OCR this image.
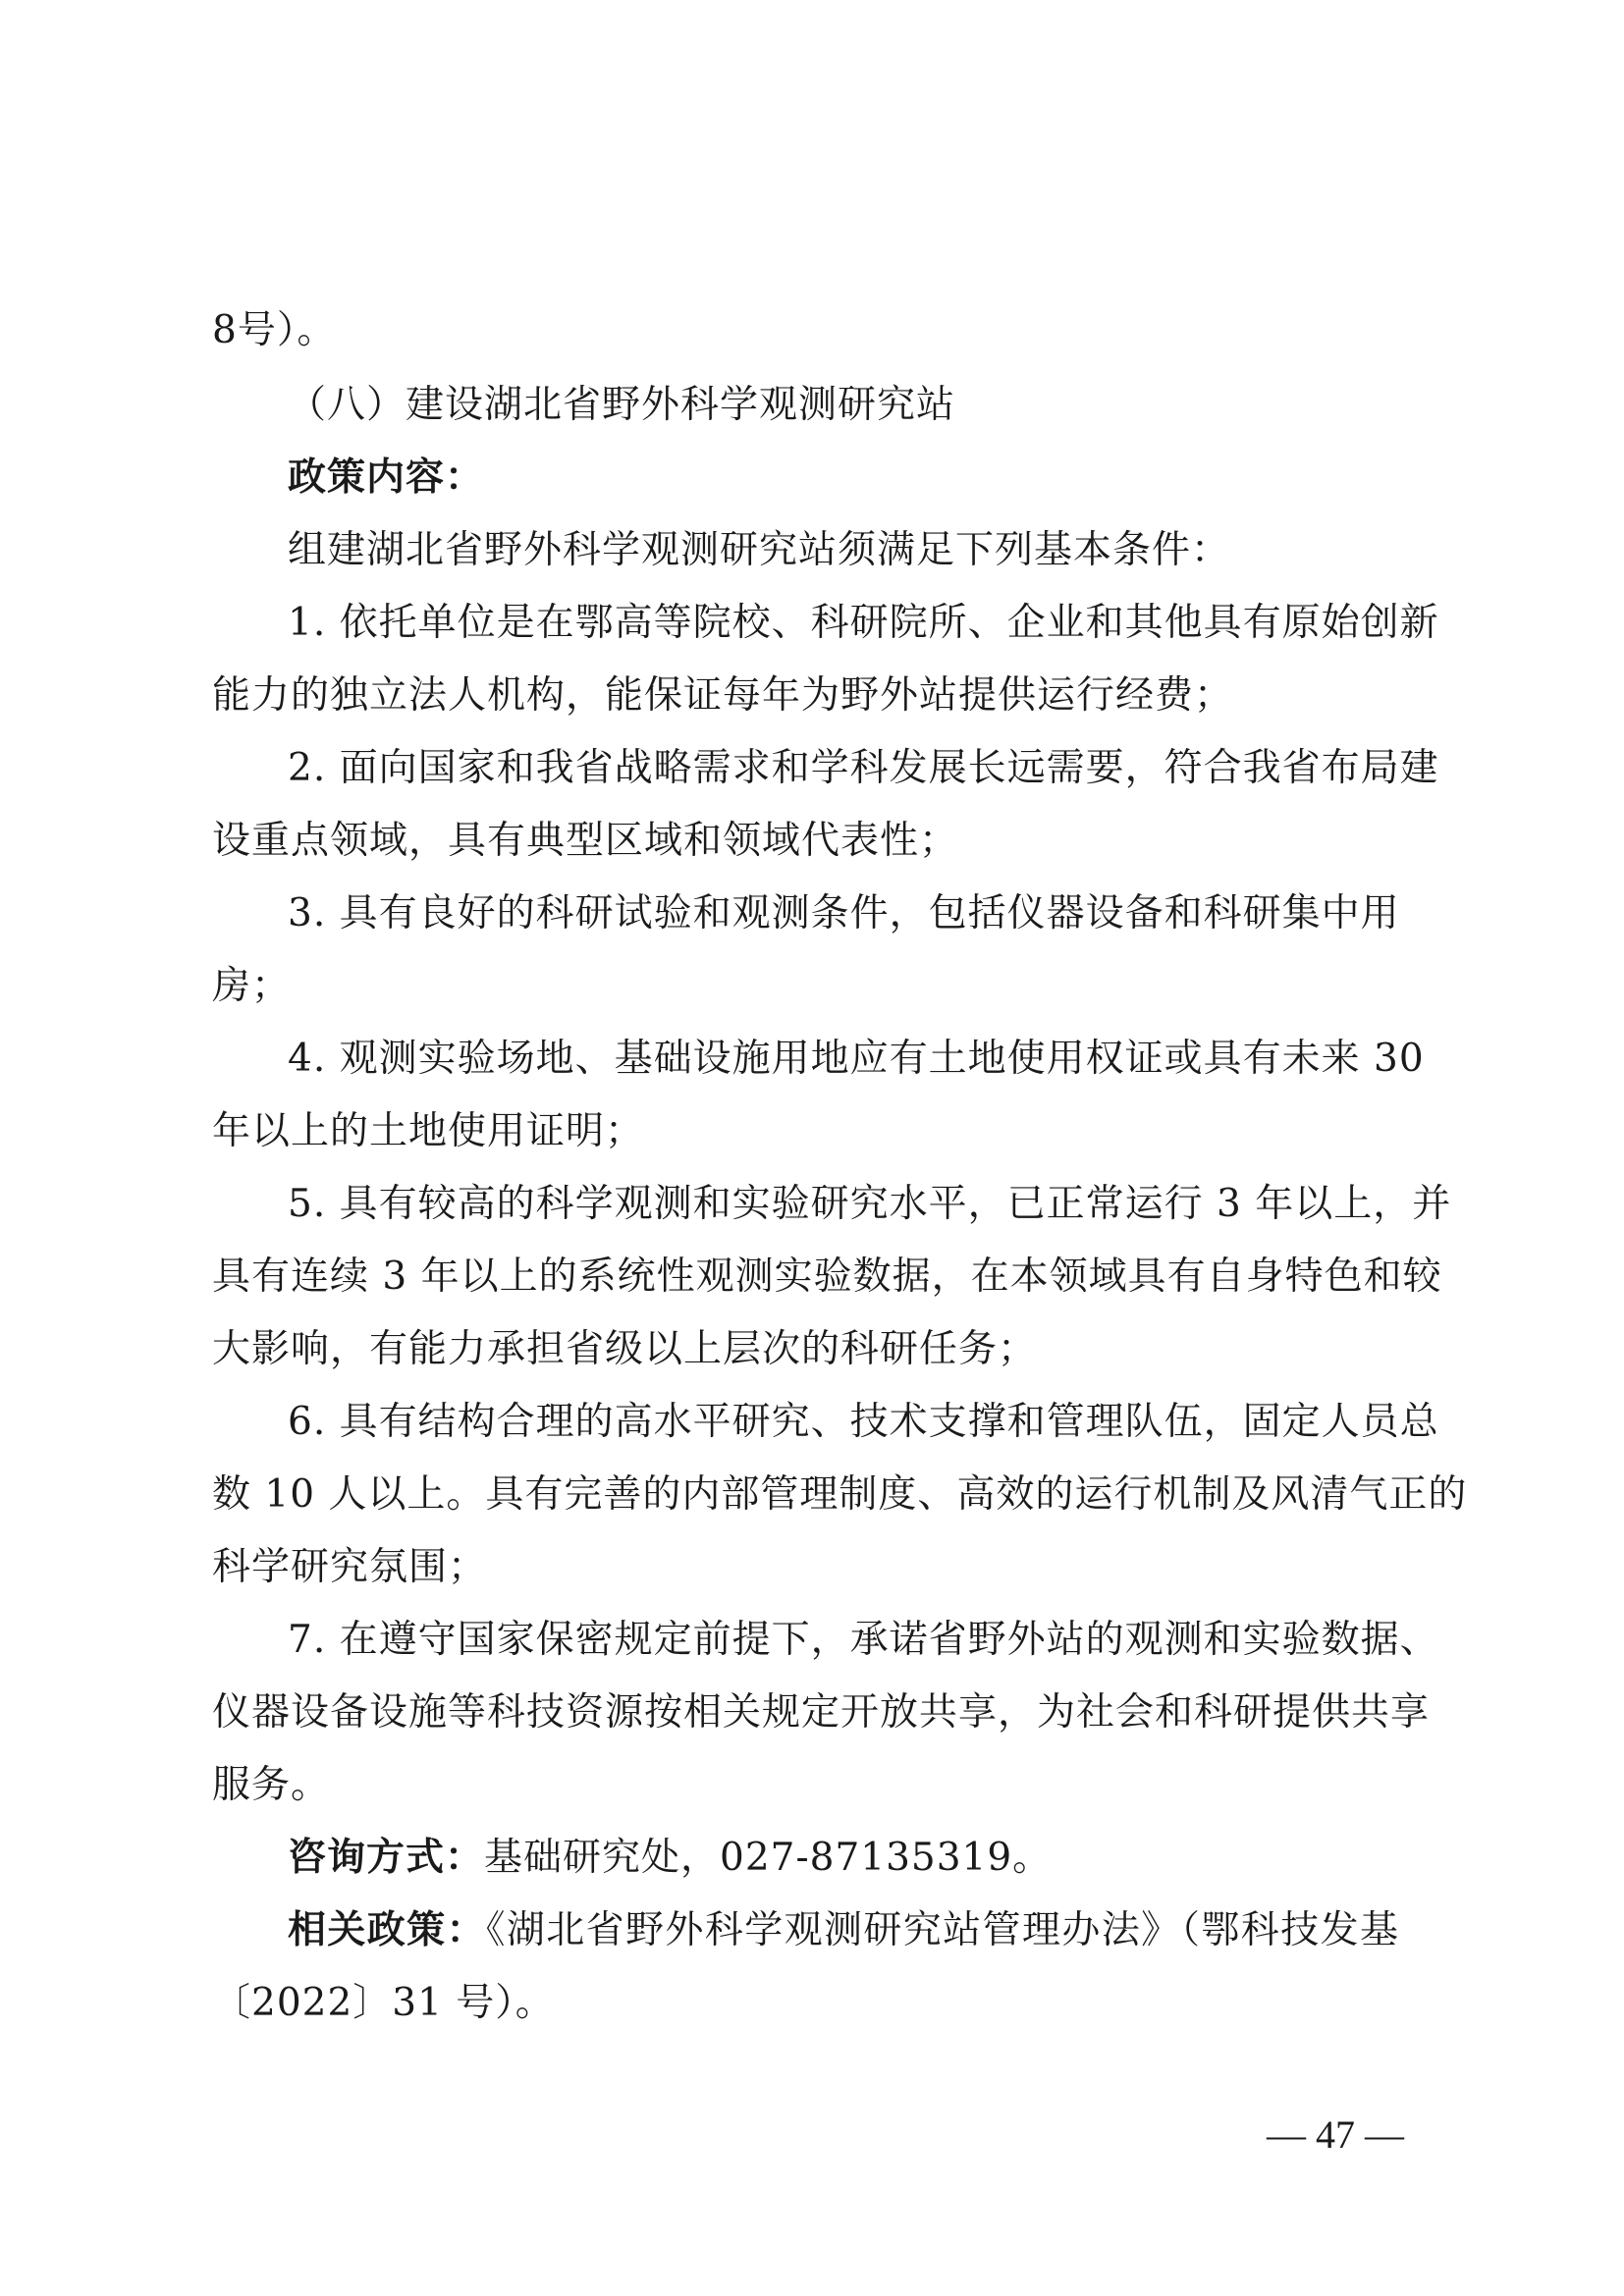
8号）。
（八）建设湖北省野外科学观测研究站
政策内容：
组建湖北省野外科学观测研究站须满足下列基本条件：
1. 依托单位是在鄂高等院校、科研院所、企业和其他具有原始创新
能力的独立法人机构，能保证每年为野外站提供运行经费；
2. 面向国家和我省战略需求和学科发展长远需要，符合我省布局建
设重点领域，具有典型区域和领域代表性；
3. 具有良好的科研试验和观测条件，包括仪器设备和科研集中用
房；
4. 观测实验场地、基础设施用地应有土地使用权证或具有未来 30
年以上的土地使用证明；
5. 具有较高的科学观测和实验研究水平，已正常运行 3 年以上，并
具有连续 3 年以上的系统性观测实验数据，在本领域具有自身特色和较
大影响，有能力承担省级以上层次的科研任务；
6. 具有结构合理的高水平研究、技术支撑和管理队伍，固定人员总
数 10 人以上。具有完善的内部管理制度、高效的运行机制及风清气正的
科学研究氛围；
7. 在遵守国家保密规定前提下，承诺省野外站的观测和实验数据、
仪器设备设施等科技资源按相关规定开放共享，为社会和科研提供共享
服务。
咨询方式：基础研究处，027-87135319。
相关政策：《湖北省野外科学观测研究站管理办法》（鄂科技发基
〔2022〕31 号）。
— 47 —
